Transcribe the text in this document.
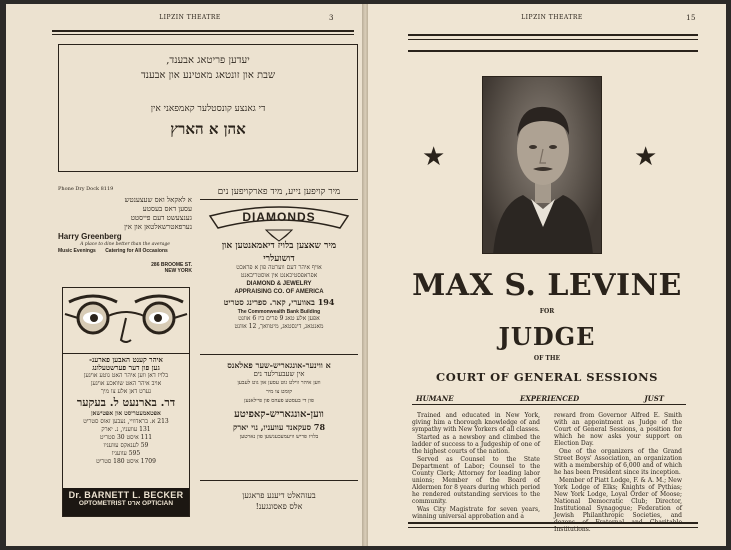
LIPZIN THEATRE	3
יעדען פריטאג אבענד,
שבת און זונטאג מאטינע און אבענד
די גאנצע קונסטלער קאמפאני אין
אהן א הארץ
Phone Dry Dock 8119
א לאקאל ואס שעצענטש
עסען דאס בעסטע
גענצעשט דעם פייסטט
נערפאטרשאלטאן און אין
Harry Greenberg
286 BROOME ST.
NEW YORK
A place to dine better than the average
Music Evenings Catering for All Occasions
איהר קענט האבען פארענ-
גען פון דער פערשטעלונג
בלויז דאן ווען איהר האט גוטע אויגען
אויב איהר האט שוואכע אויגען
גערט דאן אלע צו מיך
דר. בארנעט ל. בעקער
אפטאמעטריסט און אפטישאן
213 א. בראדוויי, נעבען זאוס סטריט
131 עוועניו, נ. יארק
111 איסט 30 סטריט
59 לענאקס עוועניו
595 עוועניו
1709 איסט 180 סטריט
Dr. BARNETT L. BECKER
OPTOMETRIST ארט OPTICIAN
מיר קויפען נייע, מיד פארקויפען נים
DIAMONDS
מיר שאצען בלויז דיאמאנטען און
דושועלרי
אויף איהר דעם ווערטה פון א פראכט
אפראפסטיכאנט אין אוסטריבאנט
DIAMOND & JEWELRY
APPRAISING CO. OF AMERICA
194 באווערי, קאר. ספרינג סטריט
The Commonwealth Bank Building
אפען אלע טאג 9 פרים ביז 6 אוונט
מאנטאג, דינסטאג, מיטוואך, 12 אוונט
א ווינער-אונגאריש-שער פאלאנס
אין שעבערלעד נים
ווען איהר ווילט גוט עסען און גוט לעבען
קומט צו מיר
פון די בעסטע פעהס פון פיילאנען
ווען-אונגאריש-קאפיטע
78 סעקאנד עוועניו, נוי יארק
בלויז פריש וויעמעכעגשען פון נארטען
בעזהאלט דיענע פראגען
אלס פאסונגענ!
LIPZIN THEATRE	15
★	★
MAX S. LEVINE
FOR
JUDGE
OF THE
COURT OF GENERAL SESSIONS
HUMANE	EXPERIENCED	JUST

Trained and educated in New York, giving him a thorough knowledge of and sympathy with New Yorkers of all classes.

Started as a newsboy and climbed the ladder of success to a Judgeship of one of the highest courts of the nation.

Served as Counsel to the State Department of Labor; Counsel to the County Clerk; Attorney for leading labor unions; Member of the Board of Aldermen for 8 years during which period he rendered outstanding services to the community.

Was City Magistrate for seven years, winning universal approbation and a

reward from Governor Alfred E. Smith with an appointment as Judge of the Court of General Sessions, a position for which he now asks your support on Election Day.

One of the organizers of the Grand Street Boys' Association, an organization with a membership of 6,000 and of which he has been President since its inception.

Member of Piatt Lodge, F. & A. M.; New York Lodge of Elks; Knights of Pythias; New York Lodge, Loyal Order of Moose; National Democratic Club; Director, Institutional Synagogue; Federation of Jewish Philanthropic Societies, and dozens of Fraternal and Charitable Institutions.
